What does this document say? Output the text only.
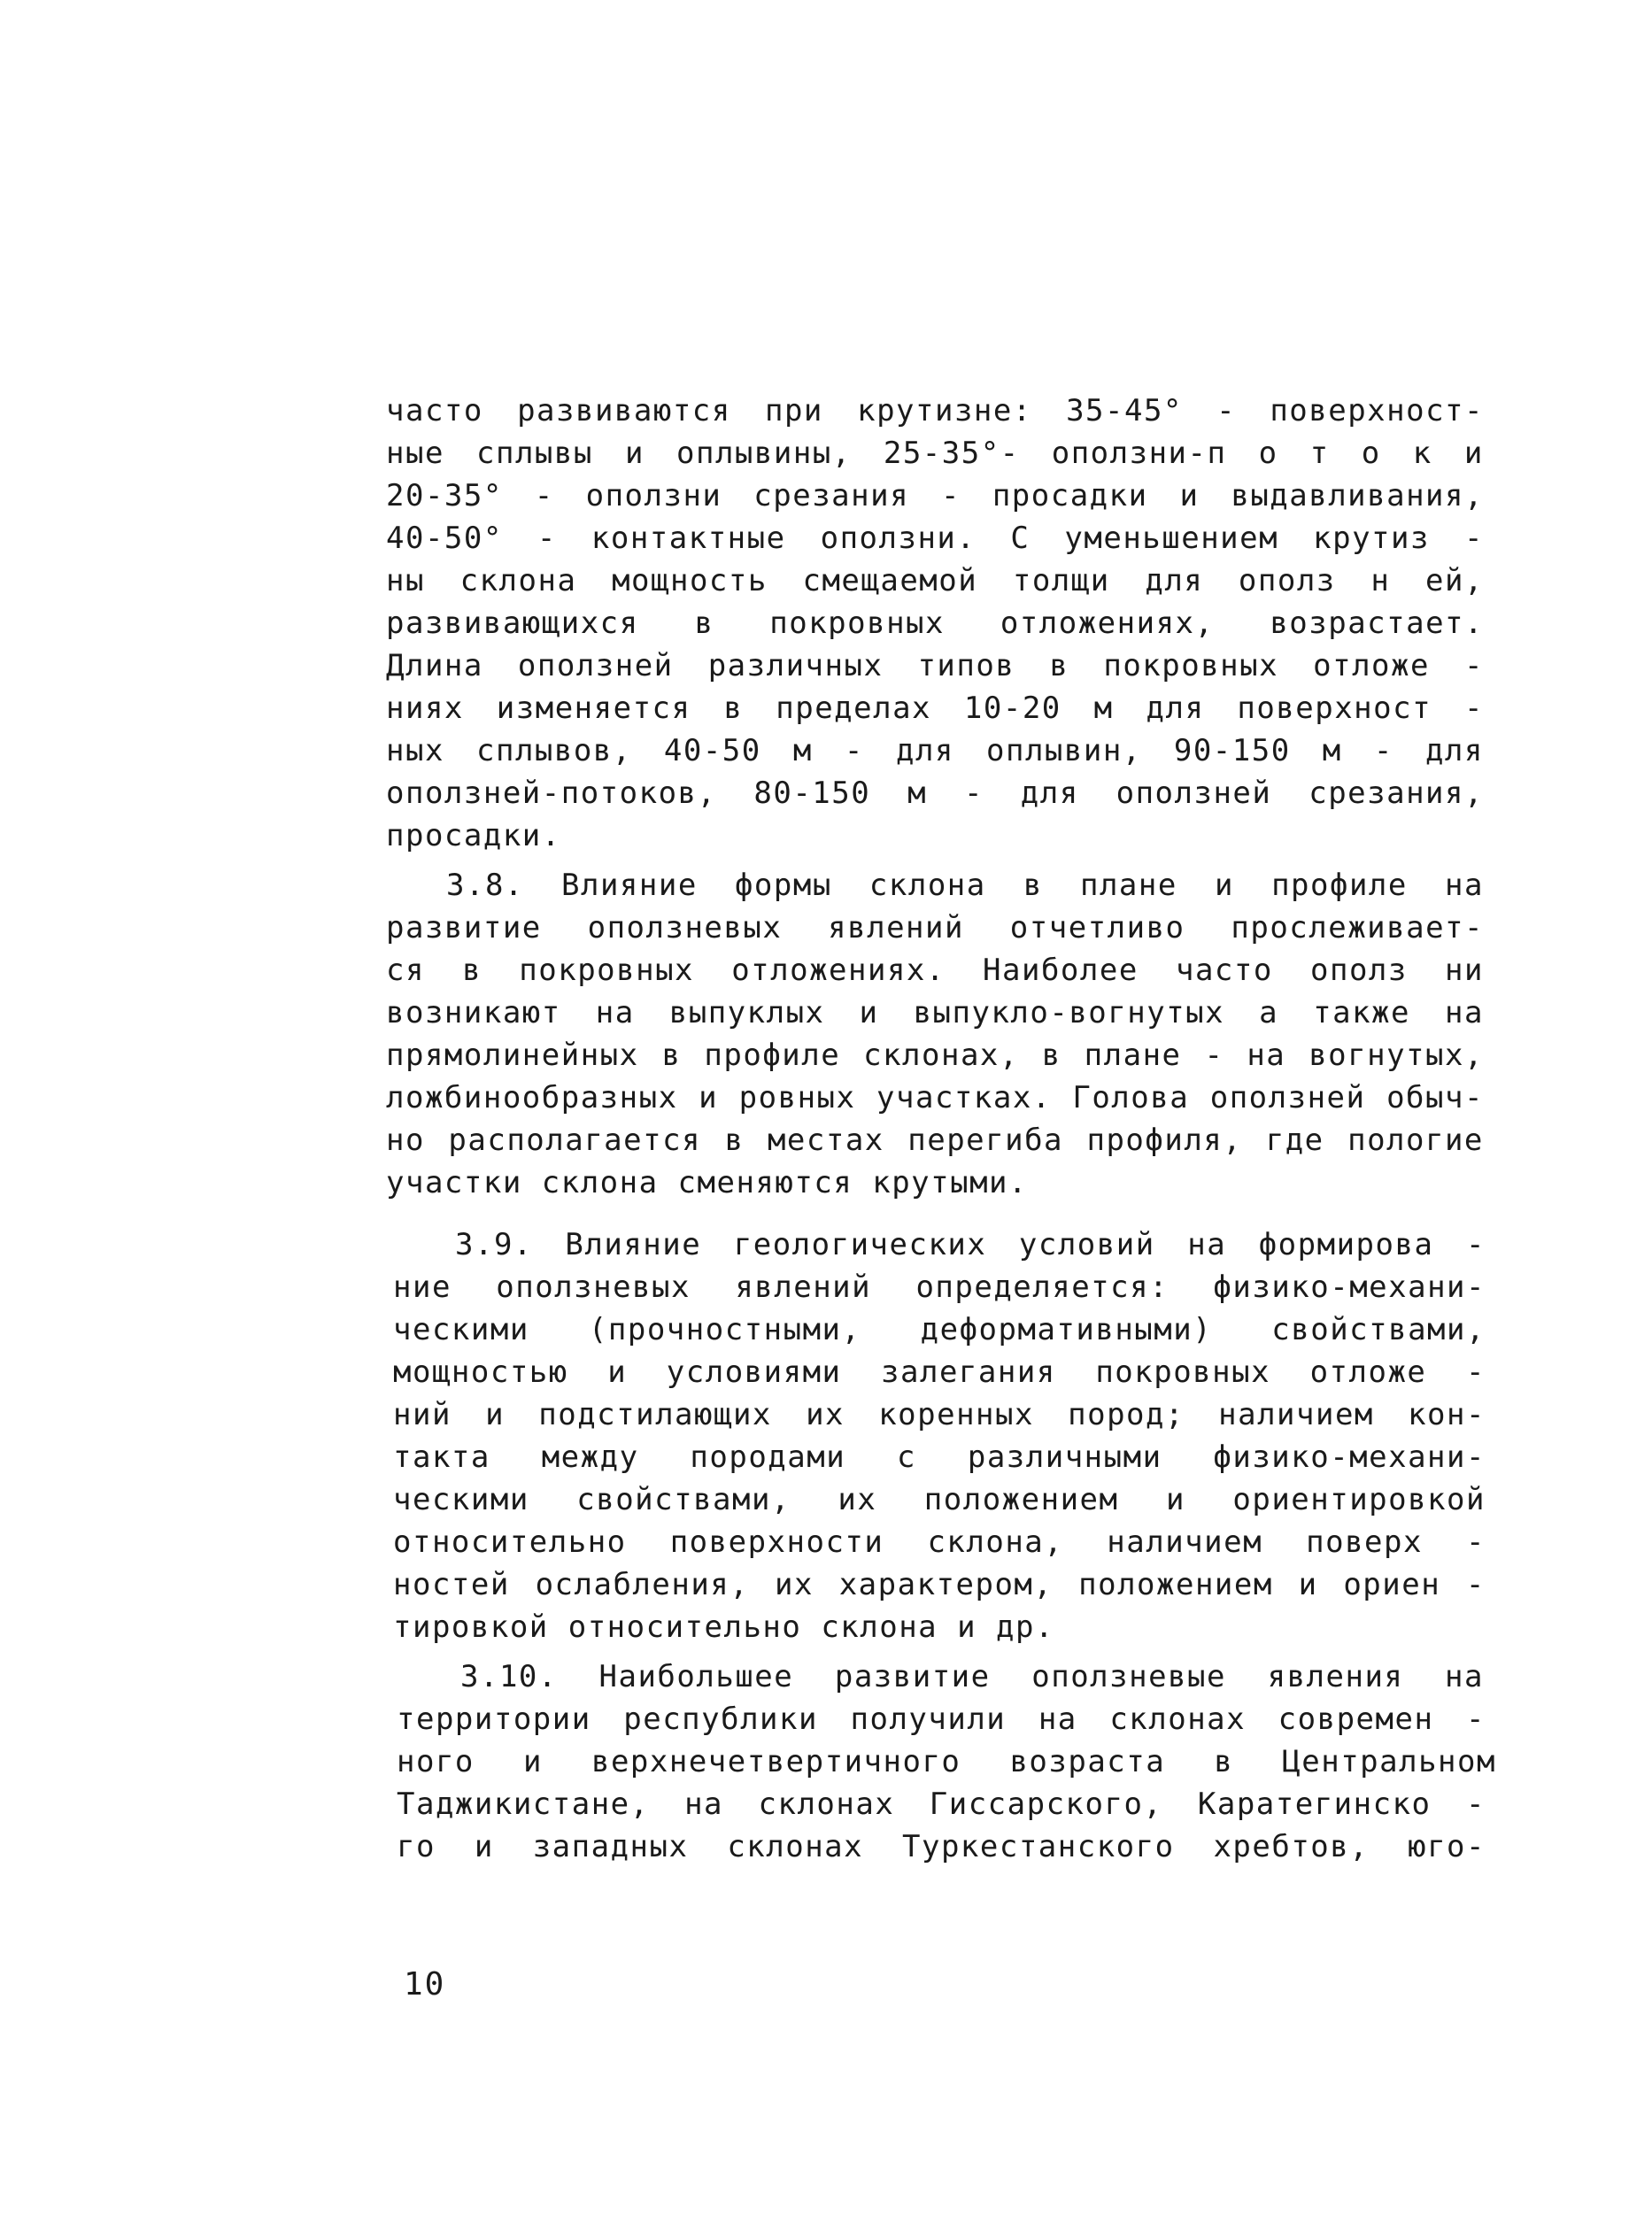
часто развиваются при крутизне: 35-45° - поверхност-
ные сплывы и оплывины, 25-35°- оползни-п о т о к и
20-35° - оползни срезания - просадки и выдавливания,
40-50° - контактные оползни. С уменьшением крутиз -
ны склона мощность смещаемой толщи для ополз н ей,
развивающихся в покровных отложениях, возрастает.
Длина оползней различных типов в покровных отложе -
ниях изменяется в пределах 10-20 м для поверхност -
ных сплывов, 40-50 м - для оплывин, 90-150 м - для
оползней-потоков, 80-150 м - для оползней срезания,
просадки.
3.8. Влияние формы склона в плане и профиле на
развитие оползневых явлений отчетливо прослеживает-
ся в покровных отложениях. Наиболее часто ополз ни
возникают на выпуклых и выпукло-вогнутых а также на
прямолинейных в профиле склонах, в плане - на вогнутых,
ложбинообразных и ровных участках. Голова оползней обыч-
но располагается в местах перегиба профиля, где пологие
участки склона сменяются крутыми.
3.9. Влияние геологических условий на формирова -
ние оползневых явлений определяется: физико-механи-
ческими (прочностными, деформативными) свойствами,
мощностью и условиями залегания покровных отложе -
ний и подстилающих их коренных пород; наличием кон-
такта между породами с различными физико-механи-
ческими свойствами, их положением и ориентировкой
относительно поверхности склона, наличием поверх -
ностей ослабления, их характером, положением и ориен -
тировкой относительно склона и др.
3.10. Наибольшее развитие оползневые явления на
территории республики получили на склонах современ -
ного и верхнечетвертичного возраста в Центральном
Таджикистане, на склонах Гиссарского, Каратегинско -
го и западных склонах Туркестанского хребтов, юго-
10
